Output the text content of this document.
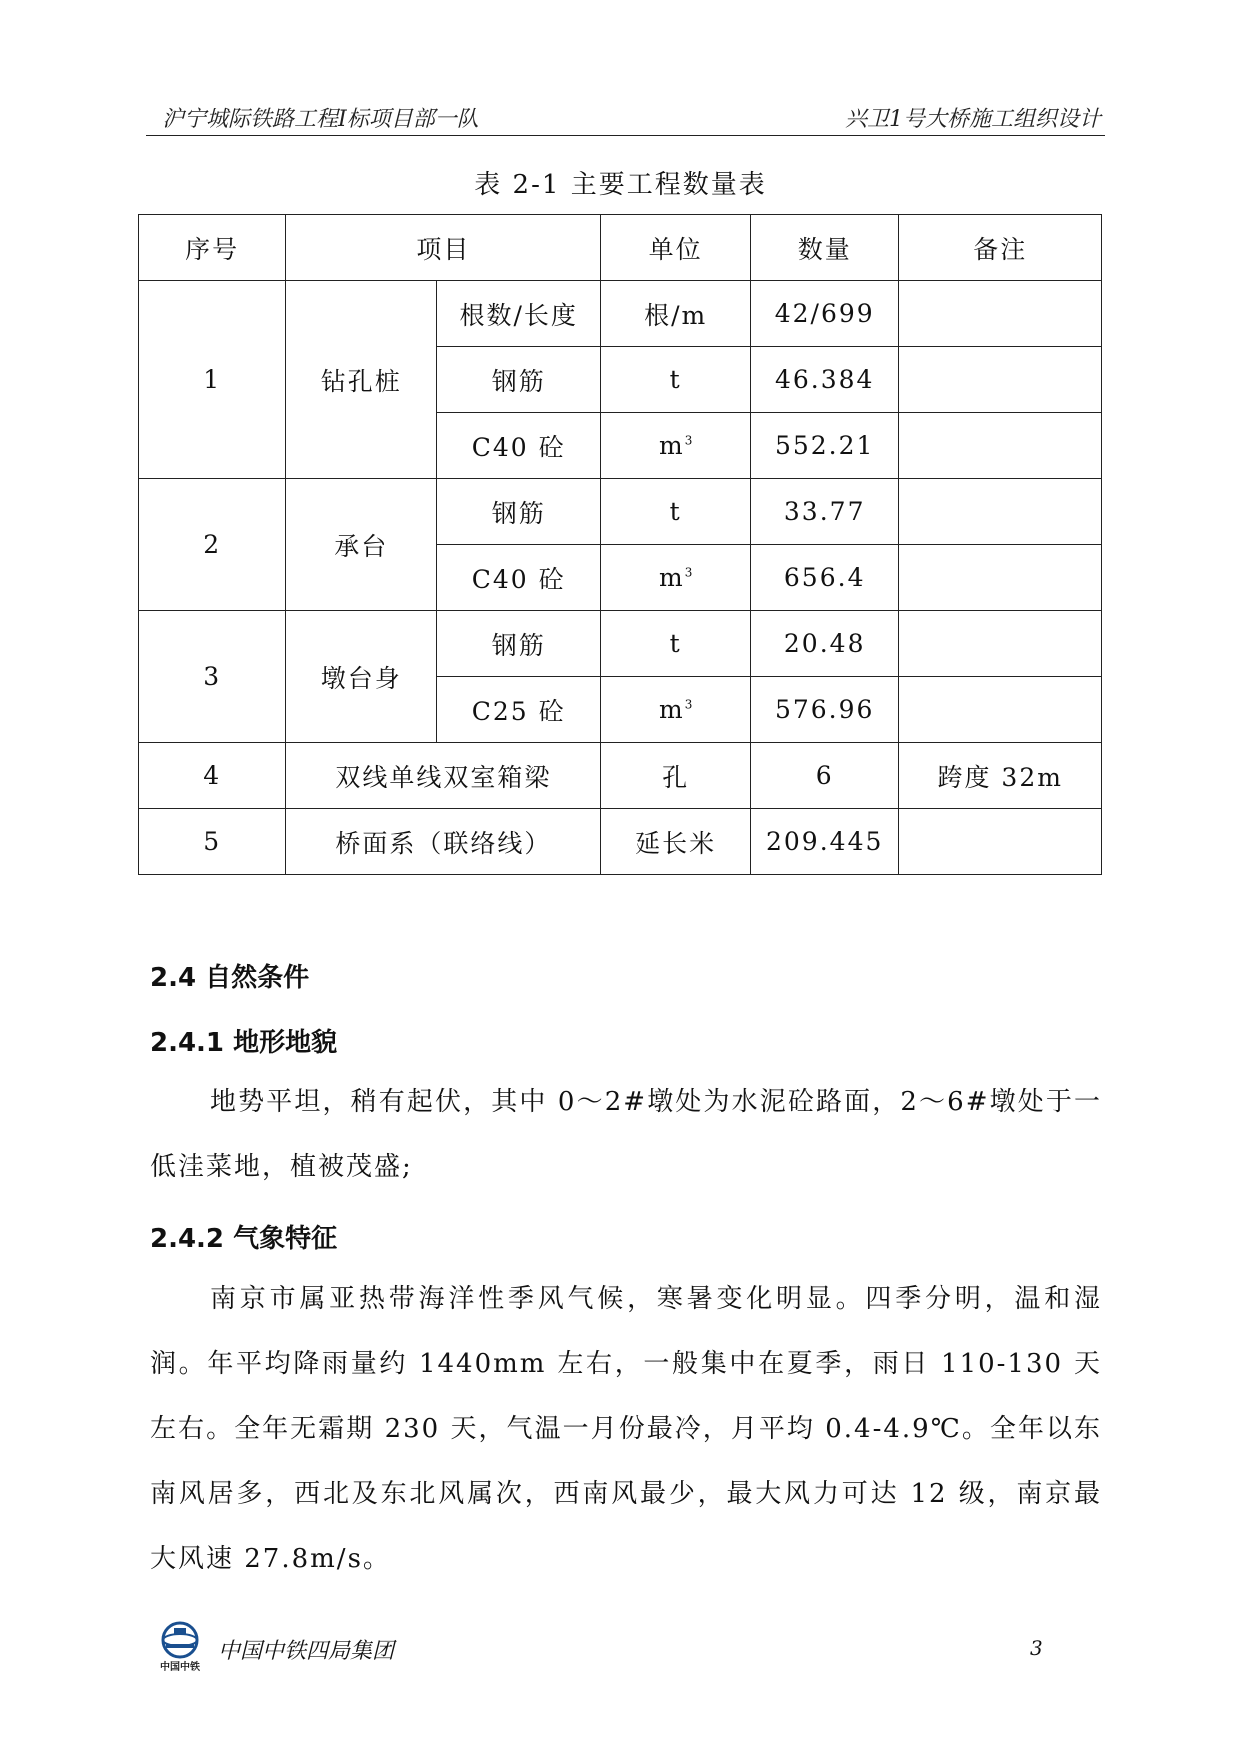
沪宁城际铁路工程Ⅰ标项目部一队	兴卫1号大桥施工组织设计
表 2-1 主要工程数量表
序号	项目		单位	数量	备注
1	钻孔桩	根数/长度	根/m	42/699	
		钢筋	t	46.384	
		C40 砼	$m^3$	552.21	
2	承台	钢筋	t	33.77	
		C40 砼	$m^3$	656.4	
3	墩台身	钢筋	t	20.48	
		C25 砼	$m^3$	576.96	
4	双线单线双室箱梁		孔	6	跨度 32m
5	桥面系（联络线）		延长米	209.445	
2.4 自然条件
2.4.1 地形地貌
地势平坦，稍有起伏，其中 0～2#墩处为水泥砼路面，2～6#墩处于一低洼菜地，植被茂盛;
2.4.2 气象特征
南京市属亚热带海洋性季风气候，寒暑变化明显。四季分明，温和湿润。年平均降雨量约 1440mm 左右，一般集中在夏季，雨日 110-130 天左右。全年无霜期 230 天，气温一月份最冷，月平均 0.4-4.9℃。全年以东南风居多，西北及东北风属次，西南风最少，最大风力可达 12 级，南京最大风速 27.8m/s。
中国中铁
中国中铁四局集团	3
